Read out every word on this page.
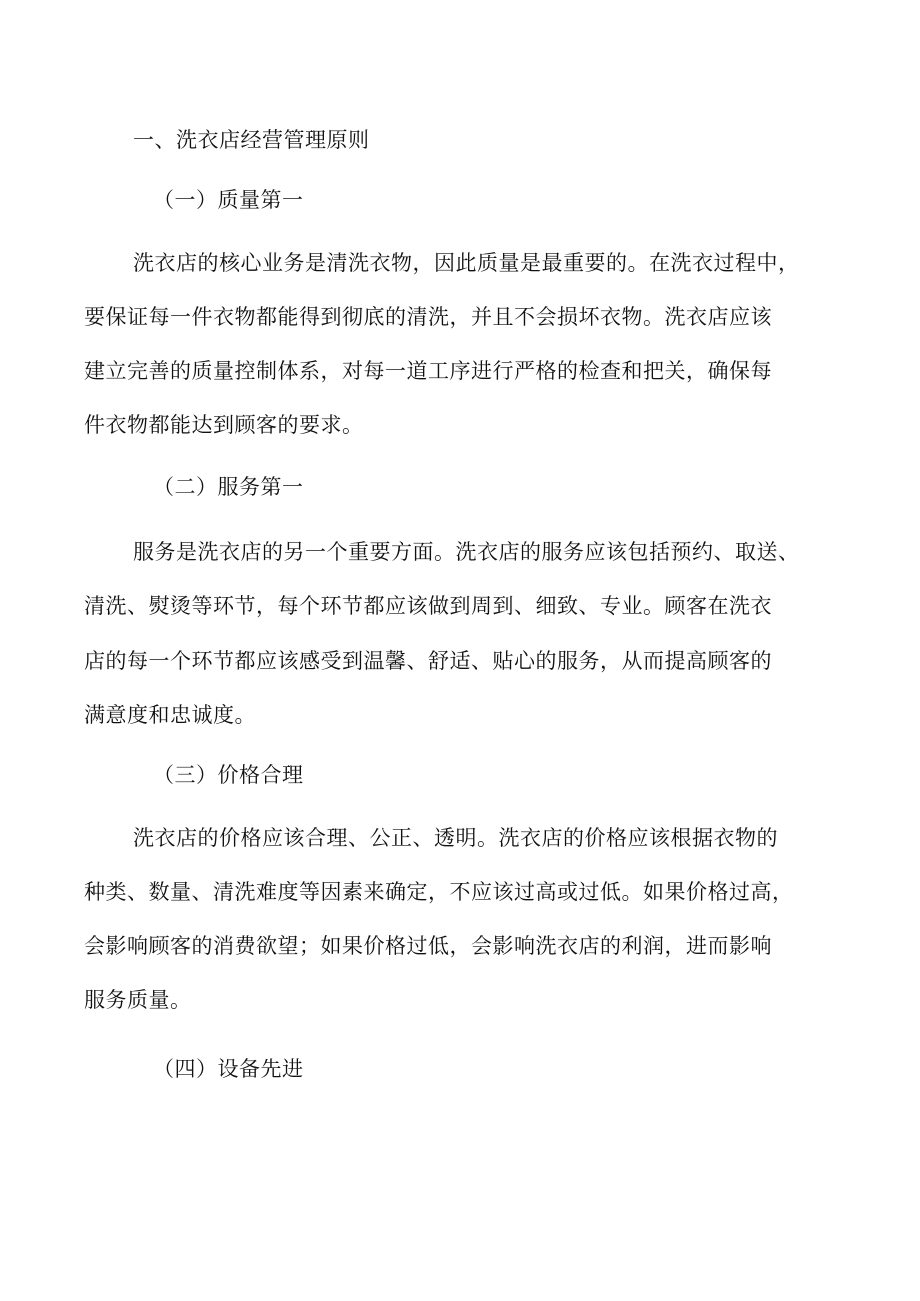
一、洗衣店经营管理原则
（一）质量第一
洗衣店的核心业务是清洗衣物，因此质量是最重要的。在洗衣过程中，
要保证每一件衣物都能得到彻底的清洗，并且不会损坏衣物。洗衣店应该
建立完善的质量控制体系，对每一道工序进行严格的检查和把关，确保每
件衣物都能达到顾客的要求。
（二）服务第一
服务是洗衣店的另一个重要方面。洗衣店的服务应该包括预约、取送、
清洗、熨烫等环节，每个环节都应该做到周到、细致、专业。顾客在洗衣
店的每一个环节都应该感受到温馨、舒适、贴心的服务，从而提高顾客的
满意度和忠诚度。
（三）价格合理
洗衣店的价格应该合理、公正、透明。洗衣店的价格应该根据衣物的
种类、数量、清洗难度等因素来确定，不应该过高或过低。如果价格过高，
会影响顾客的消费欲望；如果价格过低，会影响洗衣店的利润，进而影响
服务质量。
（四）设备先进
